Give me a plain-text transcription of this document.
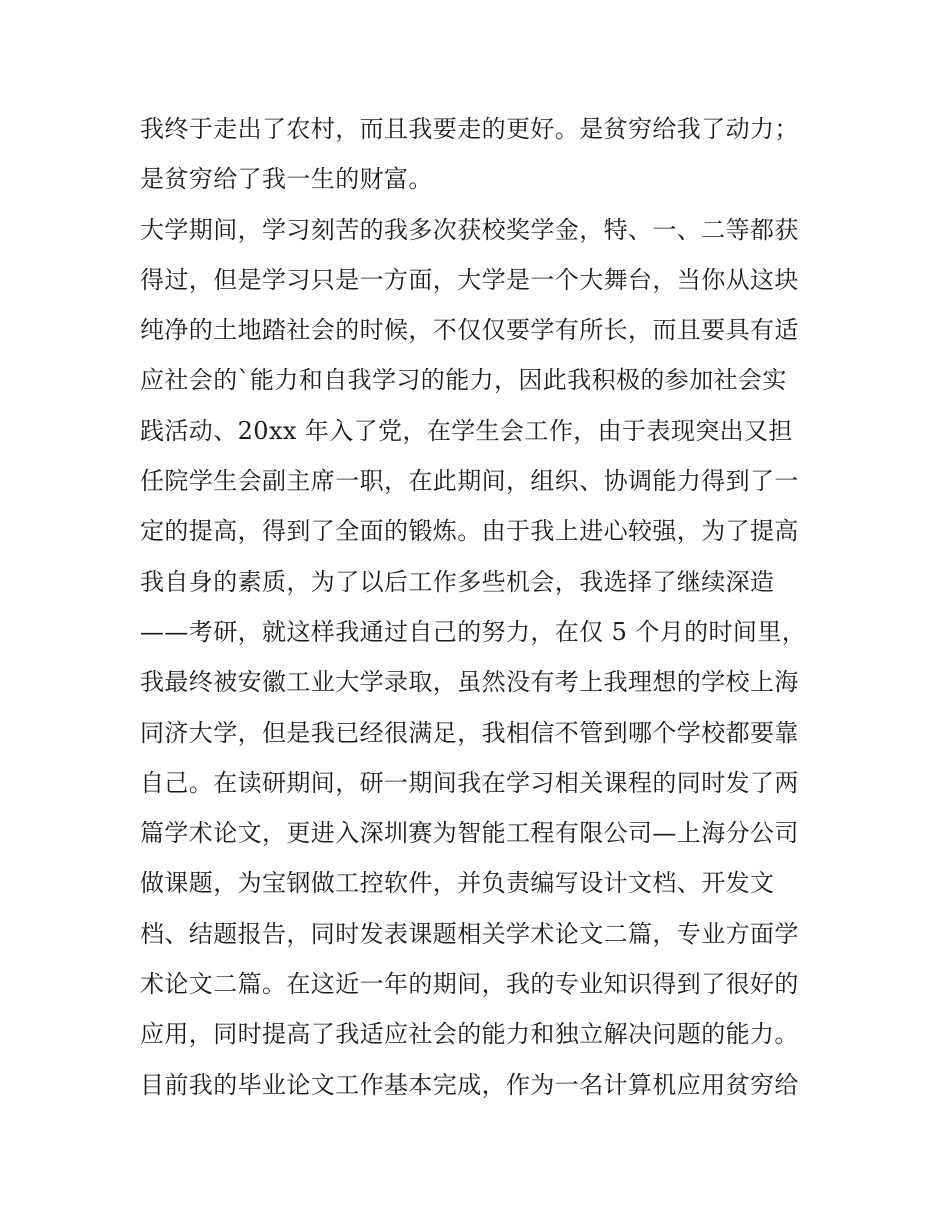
我终于走出了农村，而且我要走的更好。是贫穷给我了动力；
是贫穷给了我一生的财富。
大学期间，学习刻苦的我多次获校奖学金，特、一、二等都获
得过，但是学习只是一方面，大学是一个大舞台，当你从这块
纯净的土地踏社会的时候，不仅仅要学有所长，而且要具有适
应社会的`能力和自我学习的能力，因此我积极的参加社会实
践活动、20xx 年入了党，在学生会工作，由于表现突出又担
任院学生会副主席一职，在此期间，组织、协调能力得到了一
定的提高，得到了全面的锻炼。由于我上进心较强，为了提高
我自身的素质，为了以后工作多些机会，我选择了继续深造
——考研，就这样我通过自己的努力，在仅 5 个月的时间里，
我最终被安徽工业大学录取，虽然没有考上我理想的学校上海
同济大学，但是我已经很满足，我相信不管到哪个学校都要靠
自己。在读研期间，研一期间我在学习相关课程的同时发了两
篇学术论文，更进入深圳赛为智能工程有限公司—上海分公司
做课题，为宝钢做工控软件，并负责编写设计文档、开发文
档、结题报告，同时发表课题相关学术论文二篇，专业方面学
术论文二篇。在这近一年的期间，我的专业知识得到了很好的
应用，同时提高了我适应社会的能力和独立解决问题的能力。
目前我的毕业论文工作基本完成，作为一名计算机应用贫穷给
